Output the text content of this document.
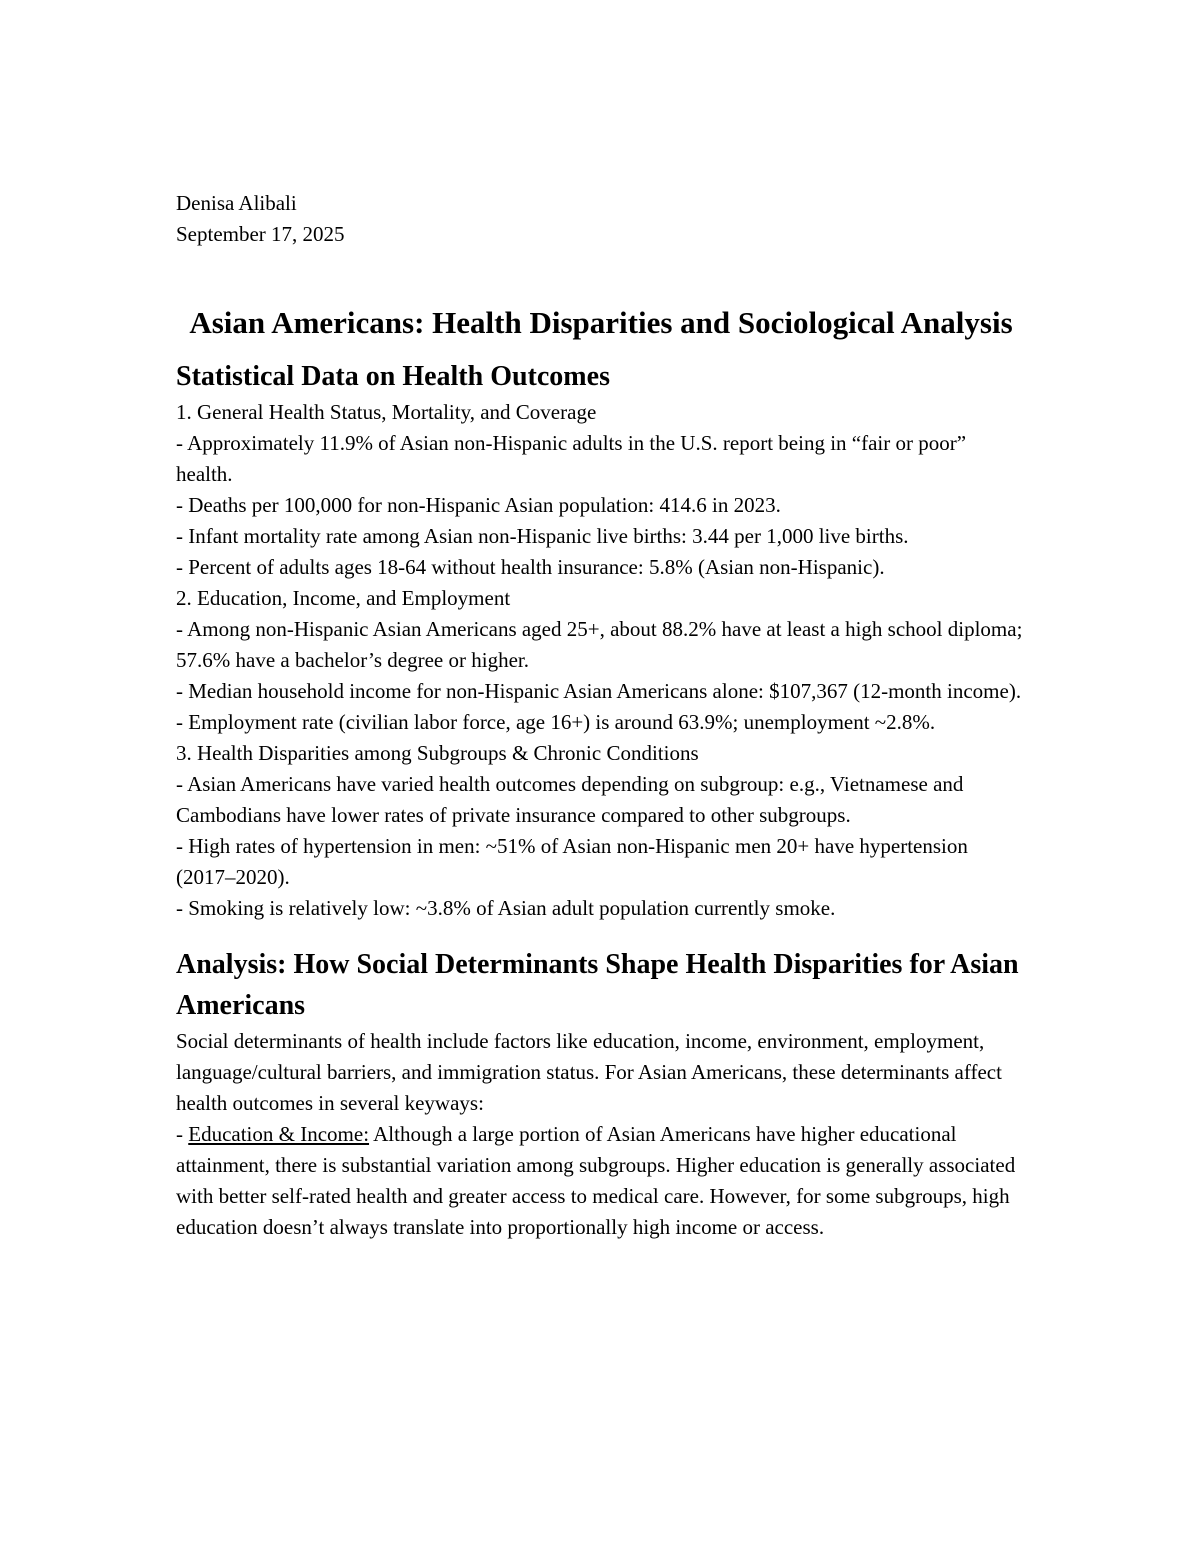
Denisa Alibali
September 17, 2025
Asian Americans: Health Disparities and Sociological Analysis
Statistical Data on Health Outcomes
1. General Health Status, Mortality, and Coverage
- Approximately 11.9% of Asian non-Hispanic adults in the U.S. report being in “fair or poor” health.
- Deaths per 100,000 for non-Hispanic Asian population: 414.6 in 2023.
- Infant mortality rate among Asian non-Hispanic live births: 3.44 per 1,000 live births.
- Percent of adults ages 18-64 without health insurance: 5.8% (Asian non-Hispanic).
2. Education, Income, and Employment
- Among non-Hispanic Asian Americans aged 25+, about 88.2% have at least a high school diploma; 57.6% have a bachelor’s degree or higher.
- Median household income for non-Hispanic Asian Americans alone: $107,367 (12-month income).
- Employment rate (civilian labor force, age 16+) is around 63.9%; unemployment ~2.8%.
3. Health Disparities among Subgroups & Chronic Conditions
- Asian Americans have varied health outcomes depending on subgroup: e.g., Vietnamese and Cambodians have lower rates of private insurance compared to other subgroups.
- High rates of hypertension in men: ~51% of Asian non-Hispanic men 20+ have hypertension (2017–2020).
- Smoking is relatively low: ~3.8% of Asian adult population currently smoke.
Analysis: How Social Determinants Shape Health Disparities for Asian Americans
Social determinants of health include factors like education, income, environment, employment, language/cultural barriers, and immigration status. For Asian Americans, these determinants affect health outcomes in several keyways:
- Education & Income: Although a large portion of Asian Americans have higher educational attainment, there is substantial variation among subgroups. Higher education is generally associated with better self-rated health and greater access to medical care. However, for some subgroups, high education doesn’t always translate into proportionally high income or access.
